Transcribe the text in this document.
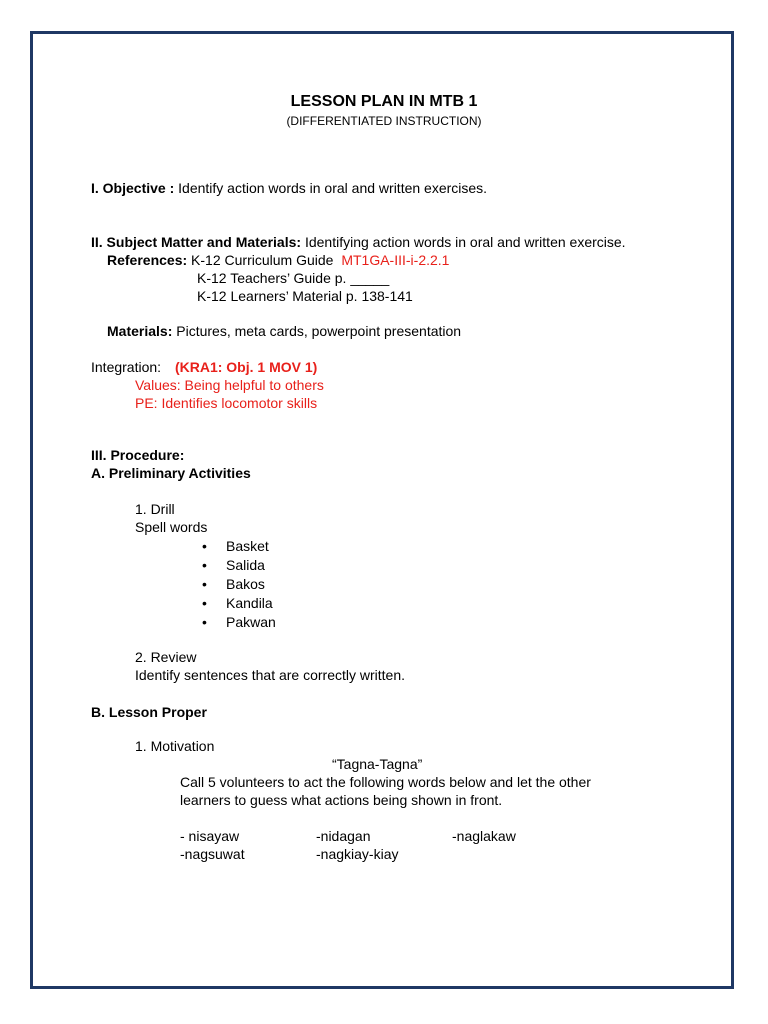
LESSON PLAN IN MTB 1
(DIFFERENTIATED INSTRUCTION)
I. Objective : Identify action words in oral and written exercises.
II. Subject Matter and Materials: Identifying action words in oral and written exercise.
References: K-12 Curriculum Guide MT1GA-III-i-2.2.1
K-12 Teachers’ Guide p. _____
K-12 Learners’ Material p. 138-141
Materials: Pictures, meta cards, powerpoint presentation
Integration: (KRA1: Obj. 1 MOV 1)
Values: Being helpful to others
PE: Identifies locomotor skills
III. Procedure:
A. Preliminary Activities
1. Drill
Spell words
• Basket
• Salida
• Bakos
• Kandila
• Pakwan
2. Review
Identify sentences that are correctly written.
B. Lesson Proper
1. Motivation
“Tagna-Tagna”
Call 5 volunteers to act the following words below and let the other
learners to guess what actions being shown in front.
- nisayaw	-nidagan	-naglakaw
-nagsuwat	-nagkiay-kiay
